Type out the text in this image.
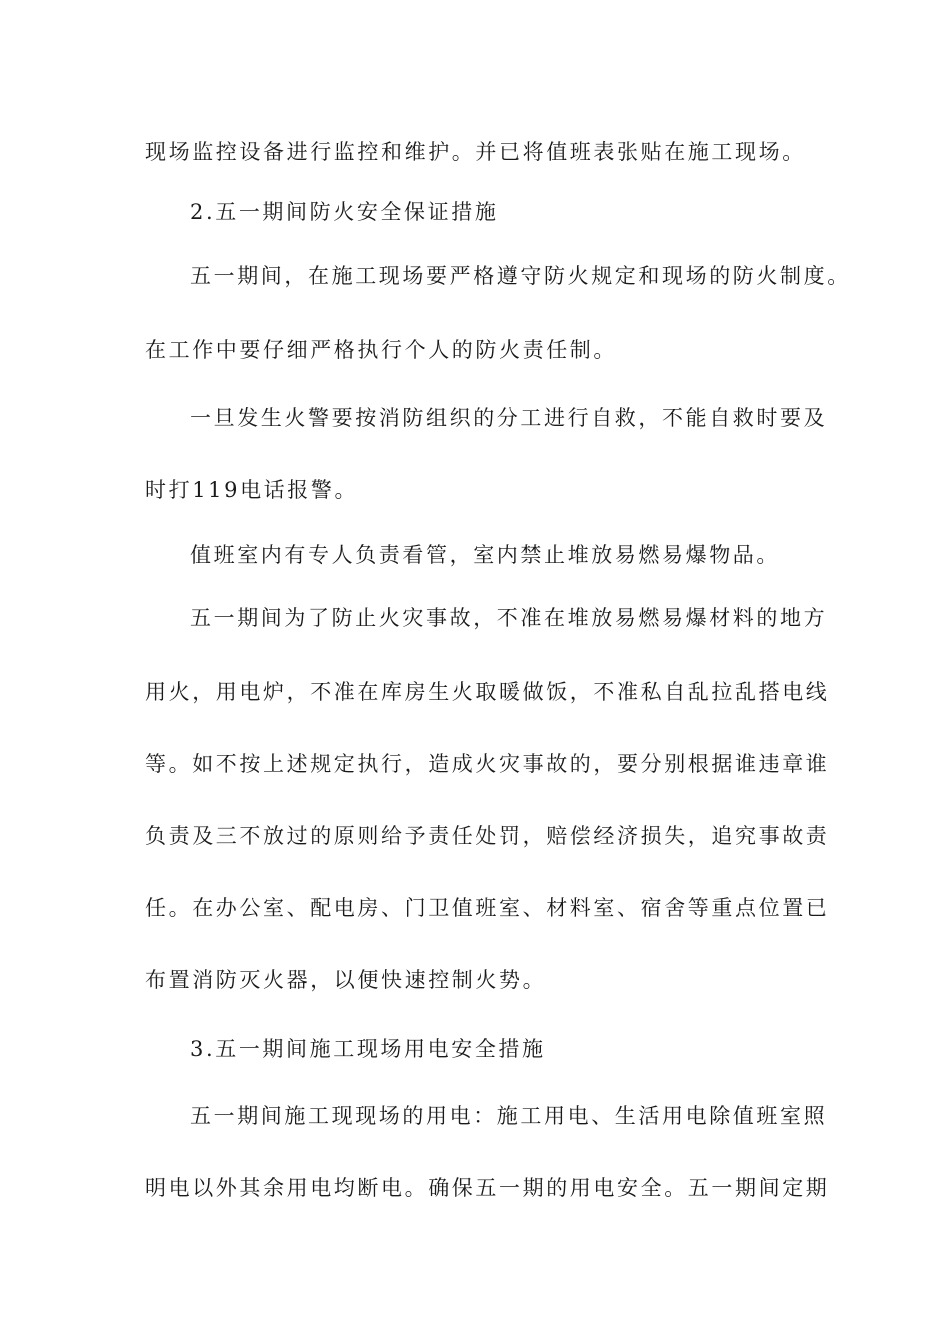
现场监控设备进行监控和维护。并已将值班表张贴在施工现场。
2.五一期间防火安全保证措施
五一期间，在施工现场要严格遵守防火规定和现场的防火制度。
在工作中要仔细严格执行个人的防火责任制。
一旦发生火警要按消防组织的分工进行自救，不能自救时要及
时打119电话报警。
值班室内有专人负责看管，室内禁止堆放易燃易爆物品。
五一期间为了防止火灾事故，不准在堆放易燃易爆材料的地方
用火，用电炉，不准在库房生火取暖做饭，不准私自乱拉乱搭电线
等。如不按上述规定执行，造成火灾事故的，要分别根据谁违章谁
负责及三不放过的原则给予责任处罚，赔偿经济损失，追究事故责
任。在办公室、配电房、门卫值班室、材料室、宿舍等重点位置已
布置消防灭火器，以便快速控制火势。
3.五一期间施工现场用电安全措施
五一期间施工现现场的用电：施工用电、生活用电除值班室照
明电以外其余用电均断电。确保五一期的用电安全。五一期间定期
